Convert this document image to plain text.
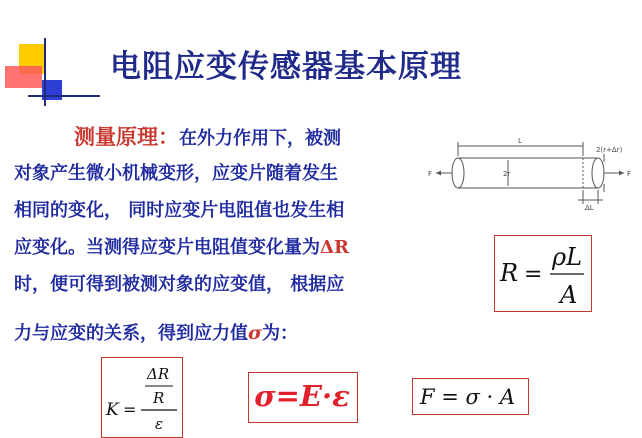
电阻应变传感器基本原理
测量原理：在外力作用下，被测
对象产生微小机械变形，应变片随着发生
相同的变化， 同时应变片电阻值也发生相
应变化。当测得应变片电阻值变化量为ΔR
时，便可得到被测对象的应变值， 根据应
力与应变的关系，得到应力值σ为：
L
2r
2(r+Δr)
ΔL
F	F
R =
ρL
A
K =
ΔR
R
ε
σ=E·ε	F = σ · A
